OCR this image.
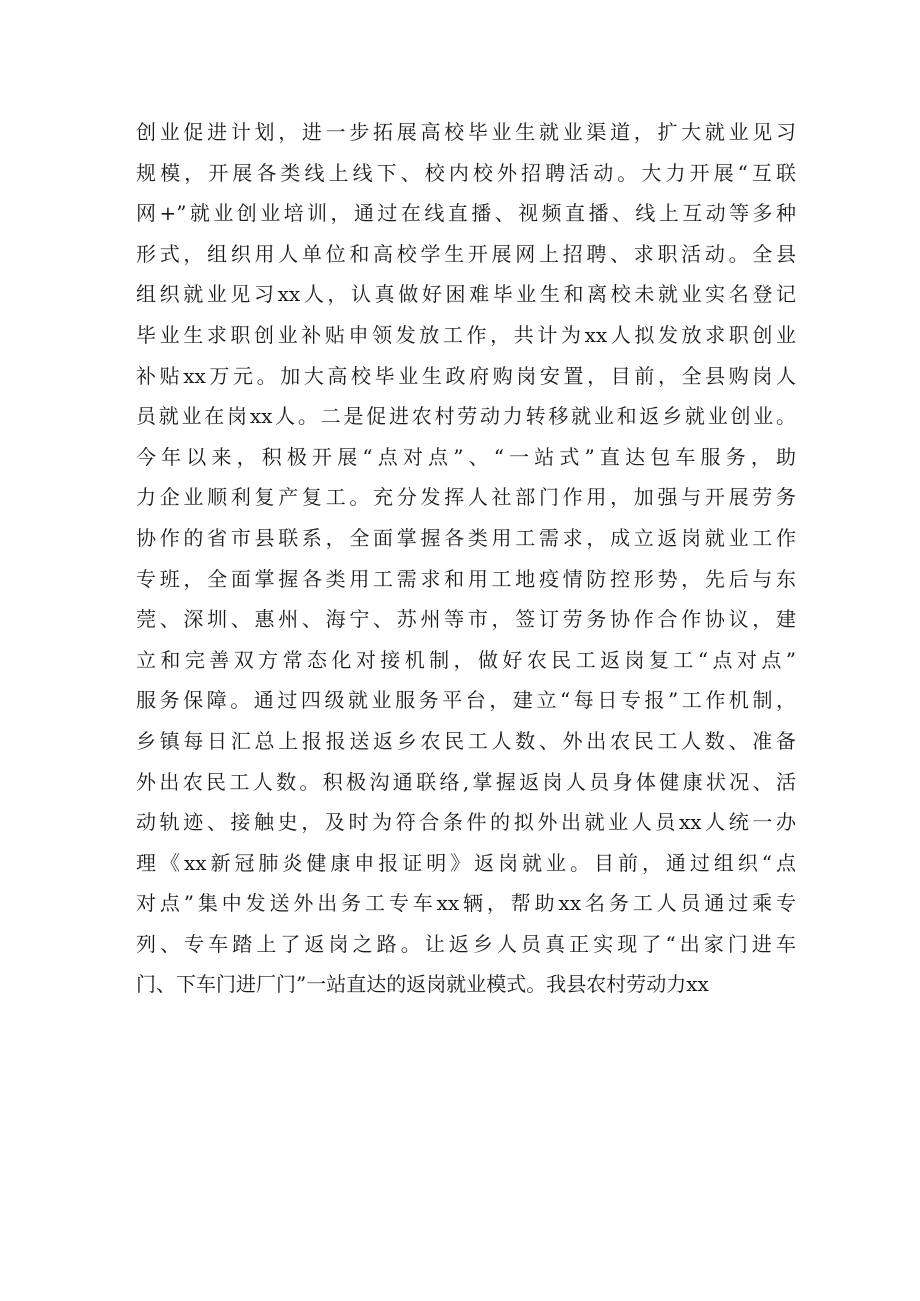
创业促进计划，进一步拓展高校毕业生就业渠道，扩大就业见习
规模，开展各类线上线下、校内校外招聘活动。大力开展“互联
网+”就业创业培训，通过在线直播、视频直播、线上互动等多种
形式，组织用人单位和高校学生开展网上招聘、求职活动。全县
组织就业见习xx人，认真做好困难毕业生和离校未就业实名登记
毕业生求职创业补贴申领发放工作，共计为xx人拟发放求职创业
补贴xx万元。加大高校毕业生政府购岗安置，目前，全县购岗人
员就业在岗xx人。二是促进农村劳动力转移就业和返乡就业创业。
今年以来，积极开展“点对点”、“一站式”直达包车服务，助
力企业顺利复产复工。充分发挥人社部门作用，加强与开展劳务
协作的省市县联系，全面掌握各类用工需求，成立返岗就业工作
专班，全面掌握各类用工需求和用工地疫情防控形势，先后与东
莞、深圳、惠州、海宁、苏州等市，签订劳务协作合作协议，建
立和完善双方常态化对接机制，做好农民工返岗复工“点对点”
服务保障。通过四级就业服务平台，建立“每日专报”工作机制，
乡镇每日汇总上报报送返乡农民工人数、外出农民工人数、准备
外出农民工人数。积极沟通联络,掌握返岗人员身体健康状况、活
动轨迹、接触史，及时为符合条件的拟外出就业人员xx人统一办
理《xx新冠肺炎健康申报证明》返岗就业。目前，通过组织“点
对点”集中发送外出务工专车xx辆，帮助xx名务工人员通过乘专
列、专车踏上了返岗之路。让返乡人员真正实现了“出家门进车
门、下车门进厂门”一站直达的返岗就业模式。我县农村劳动力xx
